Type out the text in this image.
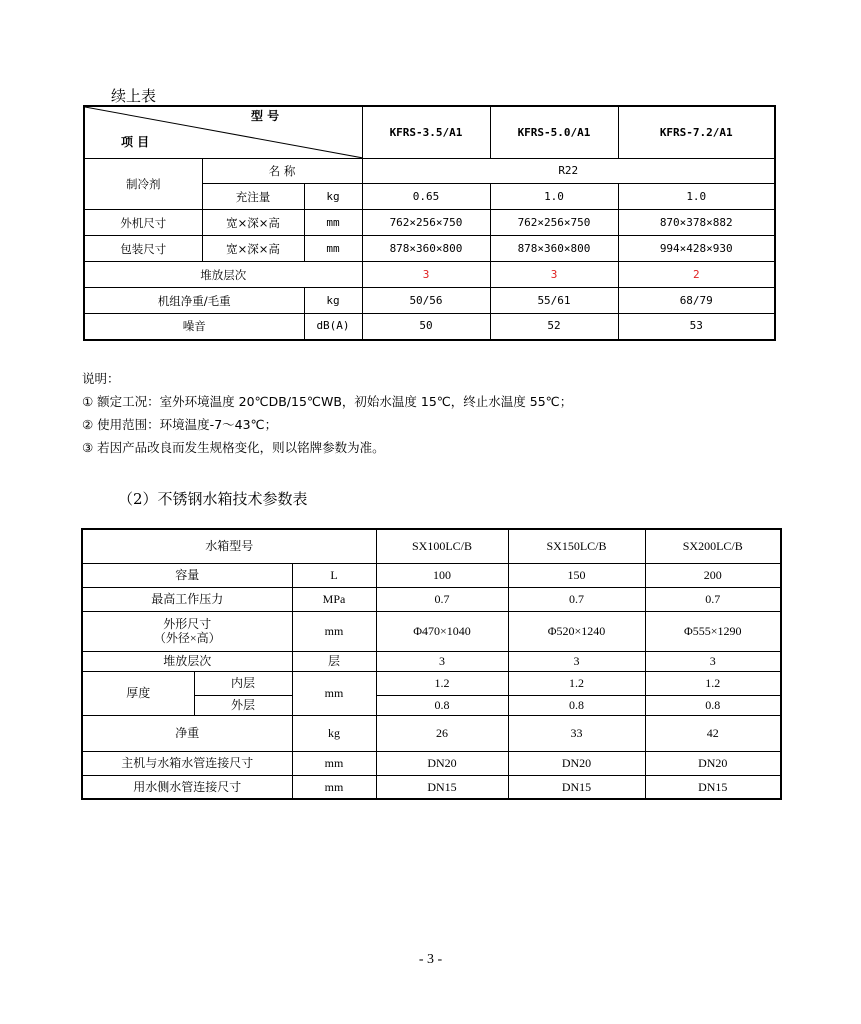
续上表
型 号
项 目			KFRS-3.5/A1	KFRS-5.0/A1	KFRS-7.2/A1
制冷剂	名 称		R22		
	充注量	kg	0.65	1.0	1.0
外机尺寸	宽×深×高	mm	762×256×750	762×256×750	870×378×882
包装尺寸	宽×深×高	mm	878×360×800	878×360×800	994×428×930
堆放层次			3	3	2
机组净重/毛重		kg	50/56	55/61	68/79
噪音		dB(A)	50	52	53
说明：
① 额定工况：室外环境温度 20℃DB/15℃WB，初始水温度 15℃，终止水温度 55℃；
② 使用范围：环境温度-7～43℃；
③ 若因产品改良而发生规格变化，则以铭牌参数为准。
（2）不锈钢水箱技术参数表
水箱型号			SX100LC/B	SX150LC/B	SX200LC/B
容量		L	100	150	200
最高工作压力		MPa	0.7	0.7	0.7

外形尺寸
（外径×高）		mm	Φ470×1040	Φ520×1240	Φ555×1290
堆放层次		层	3	3	3
厚度	内层	mm	1.2	1.2	1.2
	外层		0.8	0.8	0.8
净重		kg	26	33	42
主机与水箱水管连接尺寸		mm	DN20	DN20	DN20
用水侧水管连接尺寸		mm	DN15	DN15	DN15
- 3 -
